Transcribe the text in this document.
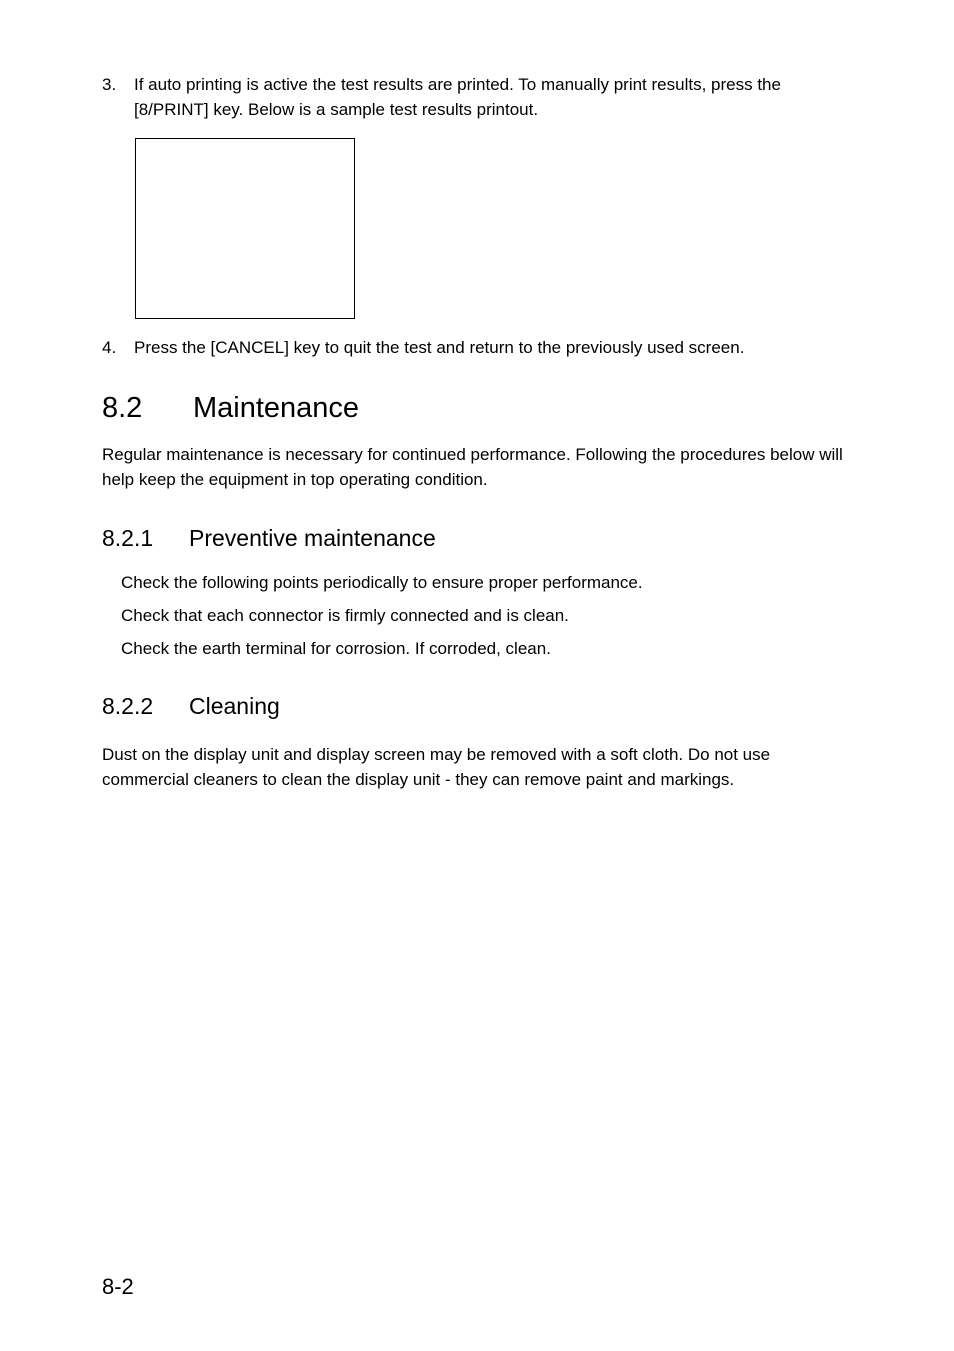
3. If auto printing is active the test results are printed. To manually print results, press the [8/PRINT] key. Below is a sample test results printout.
4. Press the [CANCEL] key to quit the test and return to the previously used screen.
8.2 Maintenance
Regular maintenance is necessary for continued performance. Following the procedures below will help keep the equipment in top operating condition.
8.2.1 Preventive maintenance
Check the following points periodically to ensure proper performance.
Check that each connector is firmly connected and is clean.
Check the earth terminal for corrosion. If corroded, clean.
8.2.2 Cleaning
Dust on the display unit and display screen may be removed with a soft cloth. Do not use commercial cleaners to clean the display unit - they can remove paint and markings.
8-2
